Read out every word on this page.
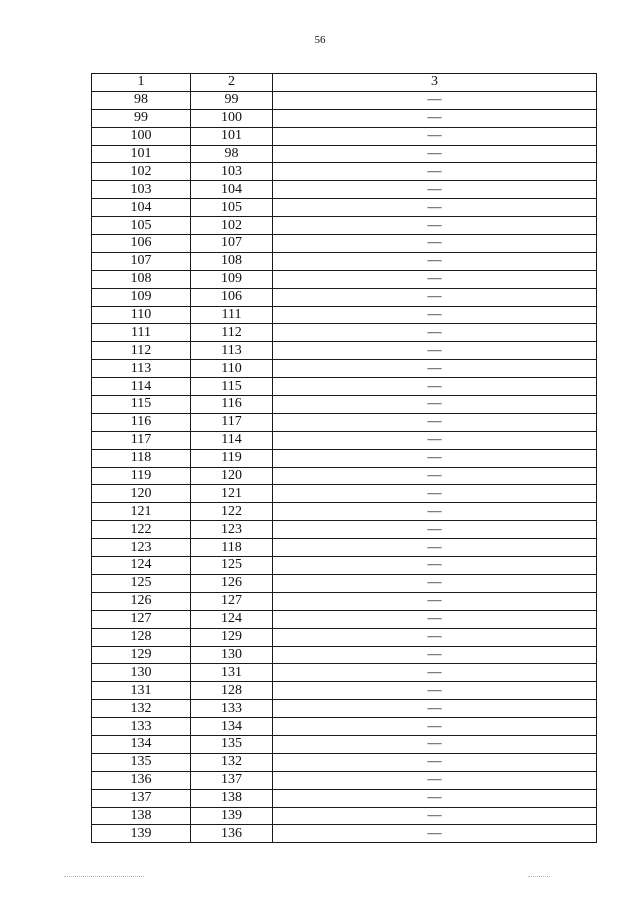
56
1	2	3
98	99	—
99	100	—
100	101	—
101	98	—
102	103	—
103	104	—
104	105	—
105	102	—
106	107	—
107	108	—
108	109	—
109	106	—
110	111	—
111	112	—
112	113	—
113	110	—
114	115	—
115	116	—
116	117	—
117	114	—
118	119	—
119	120	—
120	121	—
121	122	—
122	123	—
123	118	—
124	125	—
125	126	—
126	127	—
127	124	—
128	129	—
129	130	—
130	131	—
131	128	—
132	133	—
133	134	—
134	135	—
135	132	—
136	137	—
137	138	—
138	139	—
139	136	—
